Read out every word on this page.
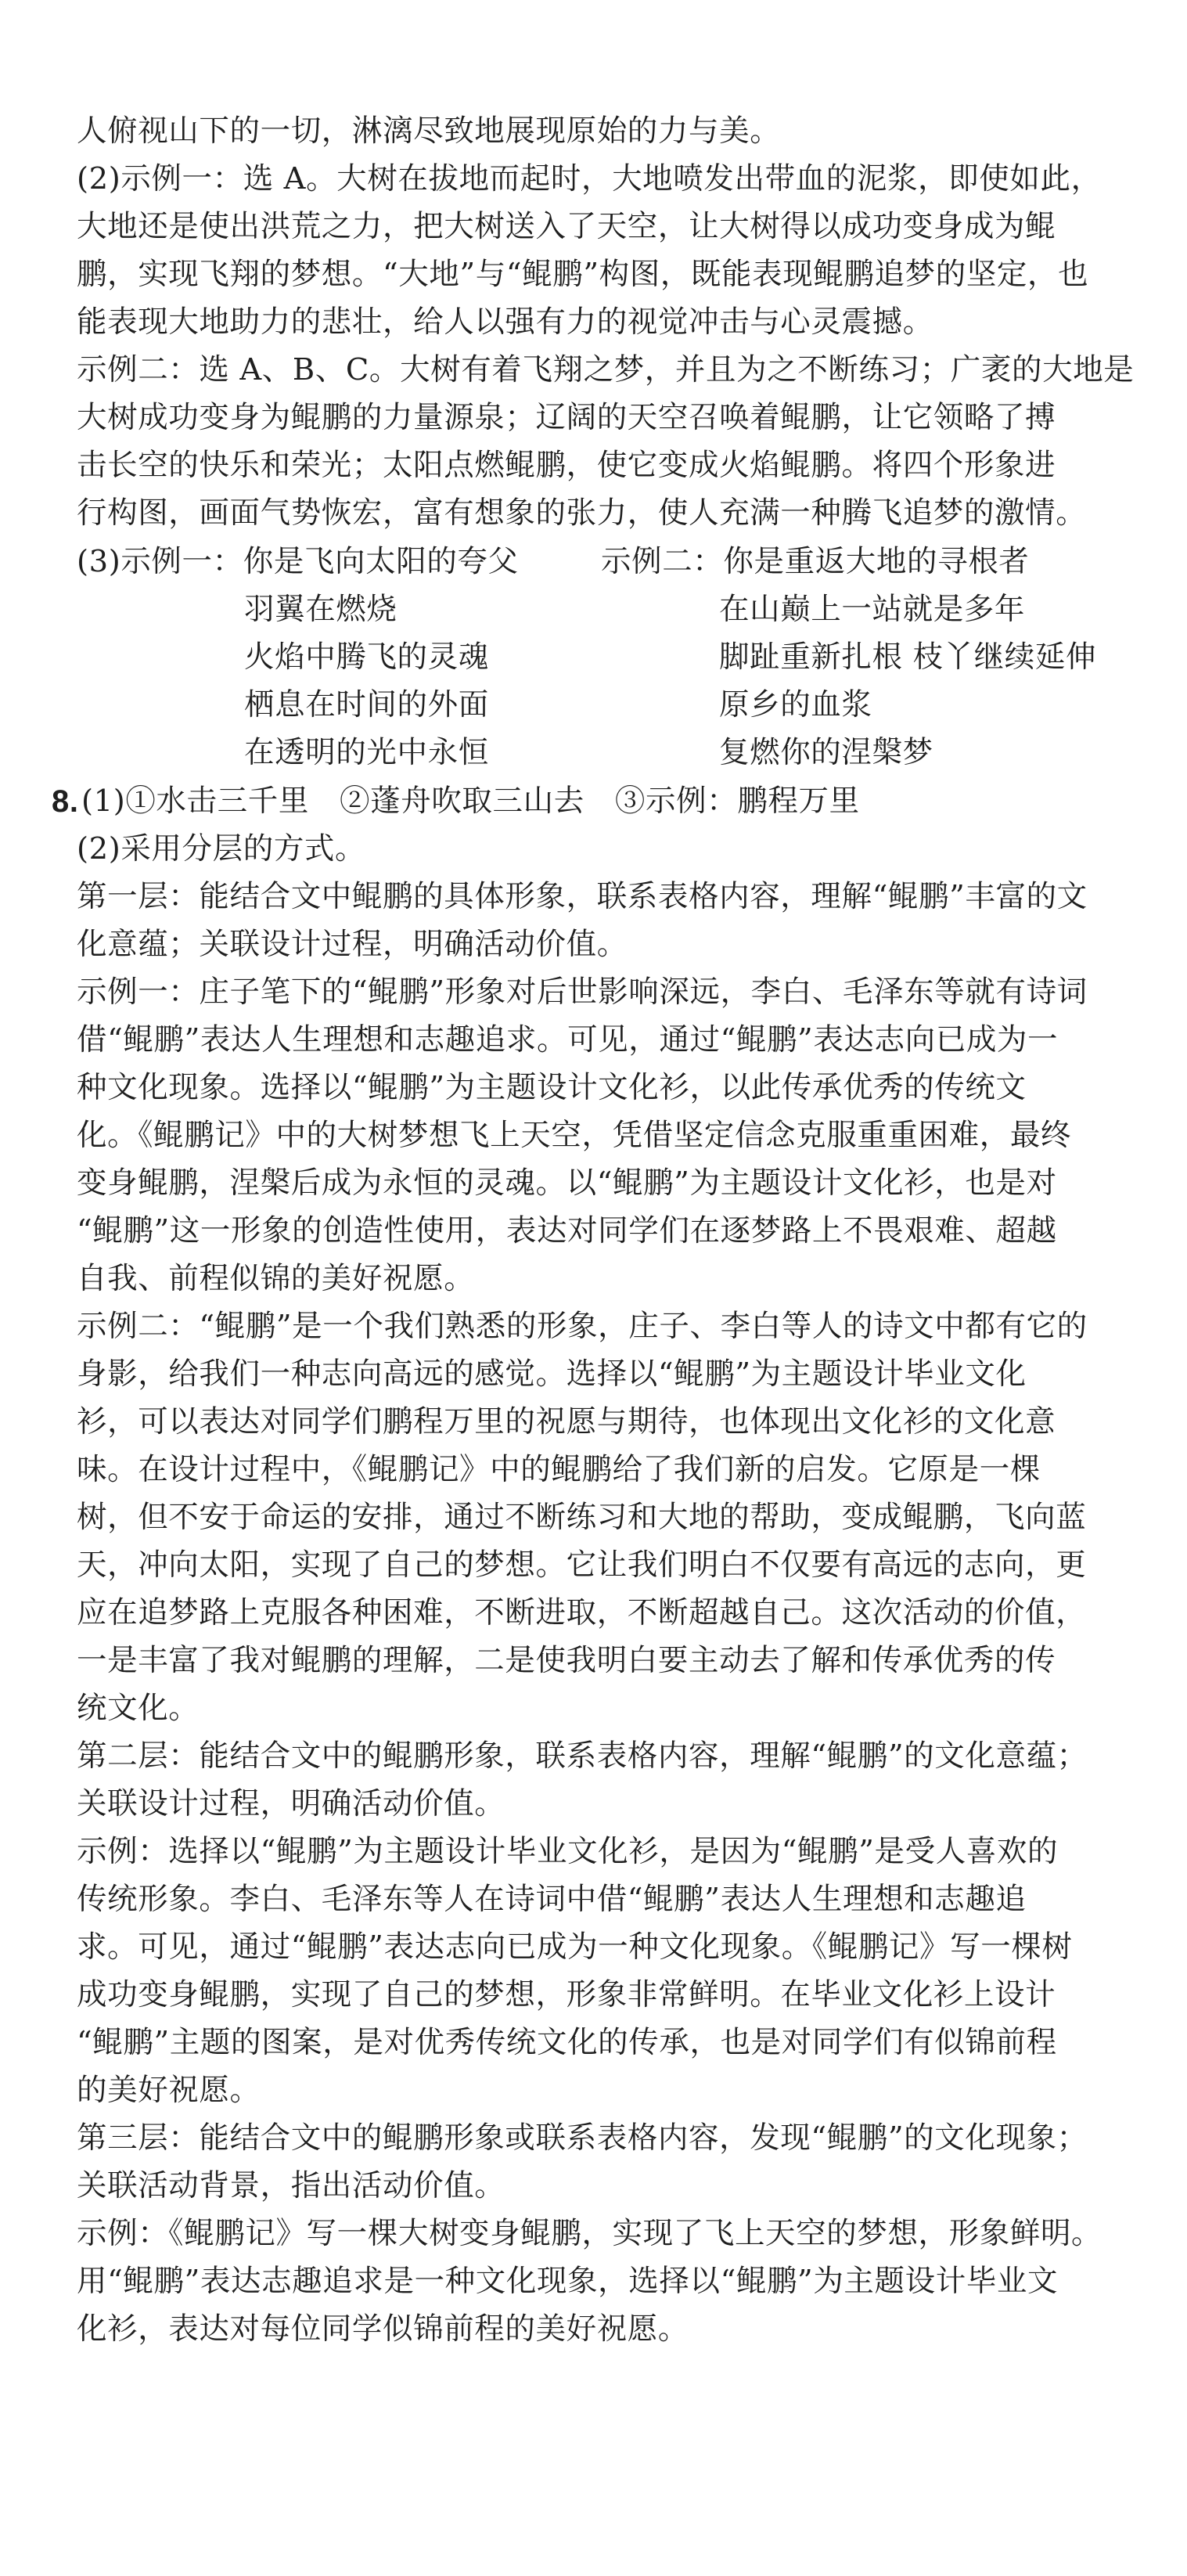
人俯视山下的一切，淋漓尽致地展现原始的力与美。
(2)示例一：选 A。大树在拔地而起时，大地喷发出带血的泥浆，即使如此，
大地还是使出洪荒之力，把大树送入了天空，让大树得以成功变身成为鲲
鹏，实现飞翔的梦想。“大地”与“鲲鹏”构图，既能表现鲲鹏追梦的坚定，也
能表现大地助力的悲壮，给人以强有力的视觉冲击与心灵震撼。
示例二：选 A、B、C。大树有着飞翔之梦，并且为之不断练习；广袤的大地是
大树成功变身为鲲鹏的力量源泉；辽阔的天空召唤着鲲鹏，让它领略了搏
击长空的快乐和荣光；太阳点燃鲲鹏，使它变成火焰鲲鹏。将四个形象进
行构图，画面气势恢宏，富有想象的张力，使人充满一种腾飞追梦的激情。
(3)示例一：你是飞向太阳的夸父
羽翼在燃烧
火焰中腾飞的灵魂
栖息在时间的外面
在透明的光中永恒
示例二：你是重返大地的寻根者
在山巅上一站就是多年
脚趾重新扎根 枝丫继续延伸
原乡的血浆
复燃你的涅槃梦
8. (1)①水击三千里　②蓬舟吹取三山去　③示例：鹏程万里
(2)采用分层的方式。
第一层：能结合文中鲲鹏的具体形象，联系表格内容，理解“鲲鹏”丰富的文
化意蕴；关联设计过程，明确活动价值。
示例一：庄子笔下的“鲲鹏”形象对后世影响深远，李白、毛泽东等就有诗词
借“鲲鹏”表达人生理想和志趣追求。可见，通过“鲲鹏”表达志向已成为一
种文化现象。选择以“鲲鹏”为主题设计文化衫，以此传承优秀的传统文
化。《鲲鹏记》中的大树梦想飞上天空，凭借坚定信念克服重重困难，最终
变身鲲鹏，涅槃后成为永恒的灵魂。以“鲲鹏”为主题设计文化衫，也是对
“鲲鹏”这一形象的创造性使用，表达对同学们在逐梦路上不畏艰难、超越
自我、前程似锦的美好祝愿。
示例二：“鲲鹏”是一个我们熟悉的形象，庄子、李白等人的诗文中都有它的
身影，给我们一种志向高远的感觉。选择以“鲲鹏”为主题设计毕业文化
衫，可以表达对同学们鹏程万里的祝愿与期待，也体现出文化衫的文化意
味。在设计过程中，《鲲鹏记》中的鲲鹏给了我们新的启发。它原是一棵
树，但不安于命运的安排，通过不断练习和大地的帮助，变成鲲鹏，飞向蓝
天，冲向太阳，实现了自己的梦想。它让我们明白不仅要有高远的志向，更
应在追梦路上克服各种困难，不断进取，不断超越自己。这次活动的价值，
一是丰富了我对鲲鹏的理解，二是使我明白要主动去了解和传承优秀的传
统文化。
第二层：能结合文中的鲲鹏形象，联系表格内容，理解“鲲鹏”的文化意蕴；
关联设计过程，明确活动价值。
示例：选择以“鲲鹏”为主题设计毕业文化衫，是因为“鲲鹏”是受人喜欢的
传统形象。李白、毛泽东等人在诗词中借“鲲鹏”表达人生理想和志趣追
求。可见，通过“鲲鹏”表达志向已成为一种文化现象。《鲲鹏记》写一棵树
成功变身鲲鹏，实现了自己的梦想，形象非常鲜明。在毕业文化衫上设计
“鲲鹏”主题的图案，是对优秀传统文化的传承，也是对同学们有似锦前程
的美好祝愿。
第三层：能结合文中的鲲鹏形象或联系表格内容，发现“鲲鹏”的文化现象；
关联活动背景，指出活动价值。
示例：《鲲鹏记》写一棵大树变身鲲鹏，实现了飞上天空的梦想，形象鲜明。
用“鲲鹏”表达志趣追求是一种文化现象，选择以“鲲鹏”为主题设计毕业文
化衫，表达对每位同学似锦前程的美好祝愿。
